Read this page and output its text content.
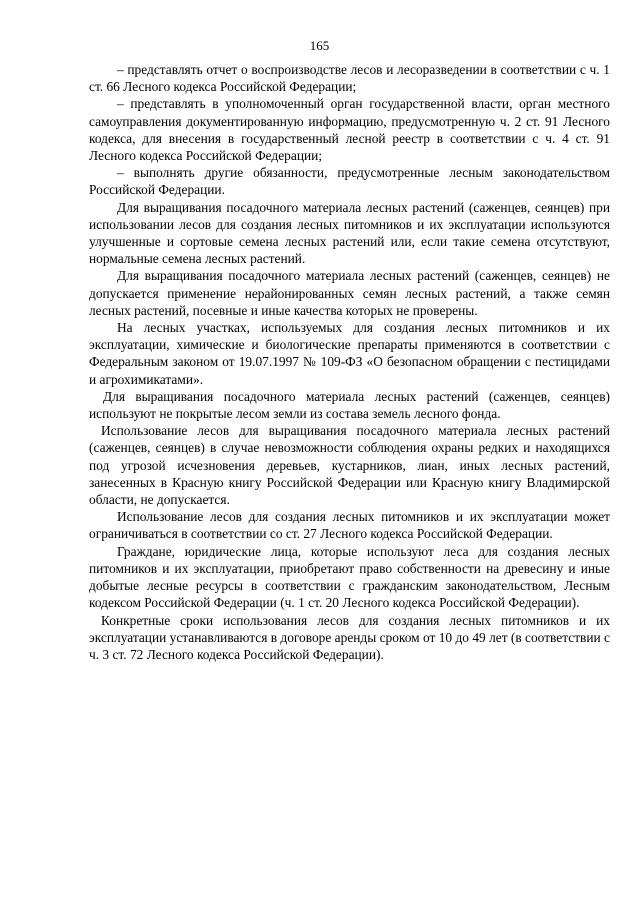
165

– представлять отчет о воспроизводстве лесов и лесоразведении в соответствии с ч. 1 ст. 66 Лесного кодекса Российской Федерации;

– представлять в уполномоченный орган государственной власти, орган местного самоуправления документированную информацию, предусмотренную ч. 2 ст. 91 Лесного кодекса, для внесения в государственный лесной реестр в соответствии с ч. 4 ст. 91 Лесного кодекса Российской Федерации;

– выполнять другие обязанности, предусмотренные лесным законодательством Российской Федерации.

Для выращивания посадочного материала лесных растений (саженцев, сеянцев) при использовании лесов для создания лесных питомников и их эксплуатации используются улучшенные и сортовые семена лесных растений или, если такие семена отсутствуют, нормальные семена лесных растений.

Для выращивания посадочного материала лесных растений (саженцев, сеянцев) не допускается применение нерайонированных семян лесных растений, а также семян лесных растений, посевные и иные качества которых не проверены.

На лесных участках, используемых для создания лесных питомников и их эксплуатации, химические и биологические препараты применяются в соответствии с Федеральным законом от 19.07.1997 № 109-ФЗ «О безопасном обращении с пестицидами и агрохимикатами».

Для выращивания посадочного материала лесных растений (саженцев, сеянцев) используют не покрытые лесом земли из состава земель лесного фонда.

Использование лесов для выращивания посадочного материала лесных растений (саженцев, сеянцев) в случае невозможности соблюдения охраны редких и находящихся под угрозой исчезновения деревьев, кустарников, лиан, иных лесных растений, занесенных в Красную книгу Российской Федерации или Красную книгу Владимирской области, не допускается.

Использование лесов для создания лесных питомников и их эксплуатации может ограничиваться в соответствии со ст. 27 Лесного кодекса Российской Федерации.

Граждане, юридические лица, которые используют леса для создания лесных питомников и их эксплуатации, приобретают право собственности на древесину и иные добытые лесные ресурсы в соответствии с гражданским законодательством, Лесным кодексом Российской Федерации (ч. 1 ст. 20 Лесного кодекса Российской Федерации).

Конкретные сроки использования лесов для создания лесных питомников и их эксплуатации устанавливаются в договоре аренды сроком от 10 до 49 лет (в соответствии с ч. 3 ст. 72 Лесного кодекса Российской Федерации).
